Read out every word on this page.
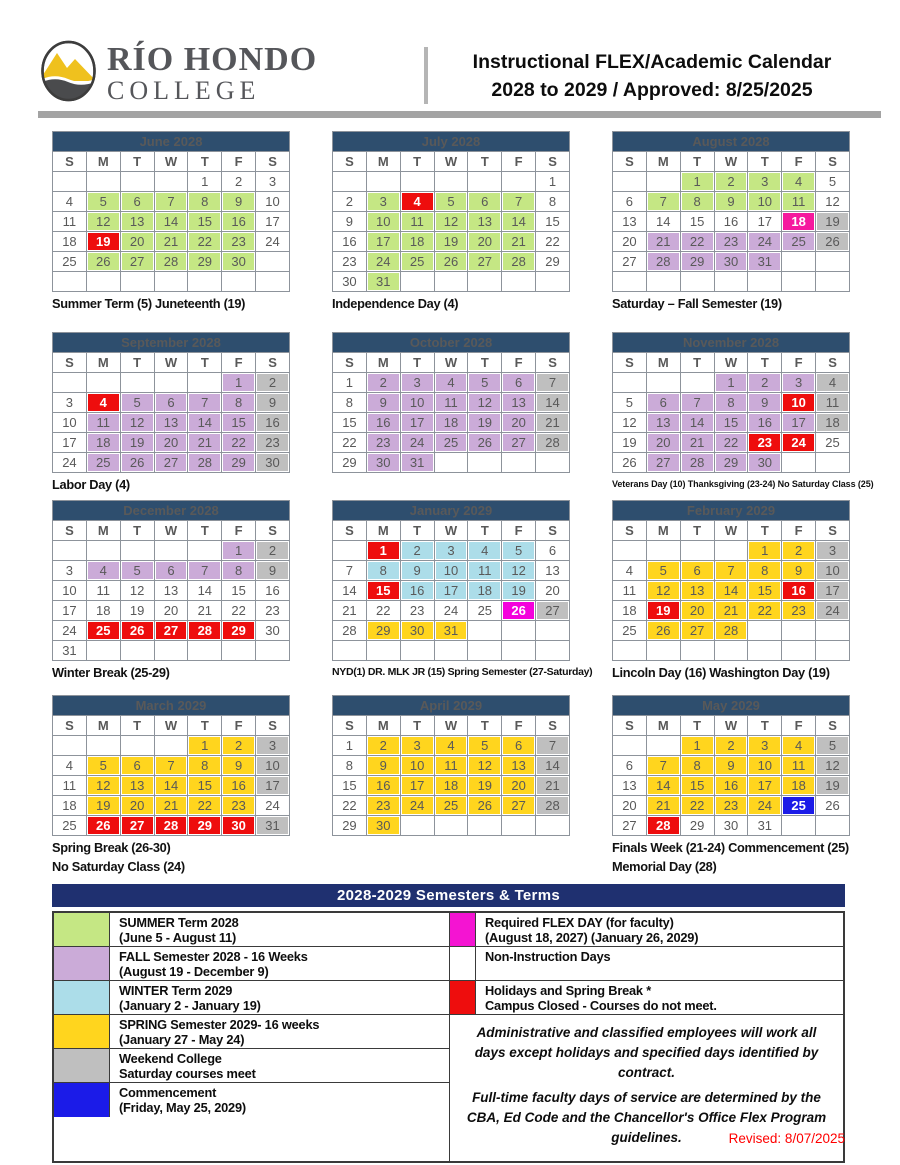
RÍO HONDO
COLLEGE
Instructional FLEX/Academic Calendar
2028 to 2029 / Approved: 8/25/2025
June 2028						
S	M	T	W	T	F	S
				1	2	3
4	5	6	7	8	9	10
11	12	13	14	15	16	17
18	19	20	21	22	23	24
25	26	27	28	29	30	

Summer Term (5) Juneteenth (19)
July 2028						
S	M	T	W	T	F	S
						1
2	3	4	5	6	7	8
9	10	11	12	13	14	15
16	17	18	19	20	21	22
23	24	25	26	27	28	29
30	31					
Independence Day (4)
August 2028						
S	M	T	W	T	F	S
		1	2	3	4	5
6	7	8	9	10	11	12
13	14	15	16	17	18	19
20	21	22	23	24	25	26
27	28	29	30	31		

Saturday – Fall Semester (19)
September 2028						
S	M	T	W	T	F	S
					1	2
3	4	5	6	7	8	9
10	11	12	13	14	15	16
17	18	19	20	21	22	23
24	25	26	27	28	29	30
Labor Day (4)
October 2028						
S	M	T	W	T	F	S
1	2	3	4	5	6	7
8	9	10	11	12	13	14
15	16	17	18	19	20	21
22	23	24	25	26	27	28
29	30	31				
November 2028						
S	M	T	W	T	F	S
			1	2	3	4
5	6	7	8	9	10	11
12	13	14	15	16	17	18
19	20	21	22	23	24	25
26	27	28	29	30		
Veterans Day (10) Thanksgiving (23-24) No Saturday Class (25)
December 2028						
S	M	T	W	T	F	S
					1	2
3	4	5	6	7	8	9
10	11	12	13	14	15	16
17	18	19	20	21	22	23
24	25	26	27	28	29	30
31						
Winter Break (25-29)
January 2029						
S	M	T	W	T	F	S
	1	2	3	4	5	6
7	8	9	10	11	12	13
14	15	16	17	18	19	20
21	22	23	24	25	26	27
28	29	30	31			

NYD(1) DR. MLK JR (15) Spring Semester (27-Saturday)
February 2029						
S	M	T	W	T	F	S
				1	2	3
4	5	6	7	8	9	10
11	12	13	14	15	16	17
18	19	20	21	22	23	24
25	26	27	28			

Lincoln Day (16) Washington Day (19)
March 2029						
S	M	T	W	T	F	S
				1	2	3
4	5	6	7	8	9	10
11	12	13	14	15	16	17
18	19	20	21	22	23	24
25	26	27	28	29	30	31
Spring Break (26-30)
No Saturday Class (24)
April 2029						
S	M	T	W	T	F	S
1	2	3	4	5	6	7
8	9	10	11	12	13	14
15	16	17	18	19	20	21
22	23	24	25	26	27	28
29	30					
May 2029						
S	M	T	W	T	F	S
		1	2	3	4	5
6	7	8	9	10	11	12
13	14	15	16	17	18	19
20	21	22	23	24	25	26
27	28	29	30	31		
Finals Week (21-24) Commencement (25)
Memorial Day (28)
2028-2029 Semesters & Terms
SUMMER Term 2028
(June 5 - August 11)
FALL Semester 2028 - 16 Weeks
(August 19 - December 9)
WINTER Term 2029
(January 2 - January 19)
SPRING Semester 2029- 16 weeks
(January 27 - May 24)
Weekend College
Saturday courses meet
Commencement
(Friday, May 25, 2029)
Required FLEX DAY (for faculty)
(August 18, 2027) (January 26, 2029)
Non-Instruction Days
Holidays and Spring Break *
Campus Closed - Courses do not meet.

Administrative and classified employees will work all days except holidays and specified days identified by contract.

Full-time faculty days of service are determined by the CBA, Ed Code and the Chancellor's Office Flex Program guidelines.	Revised: 8/07/2025
